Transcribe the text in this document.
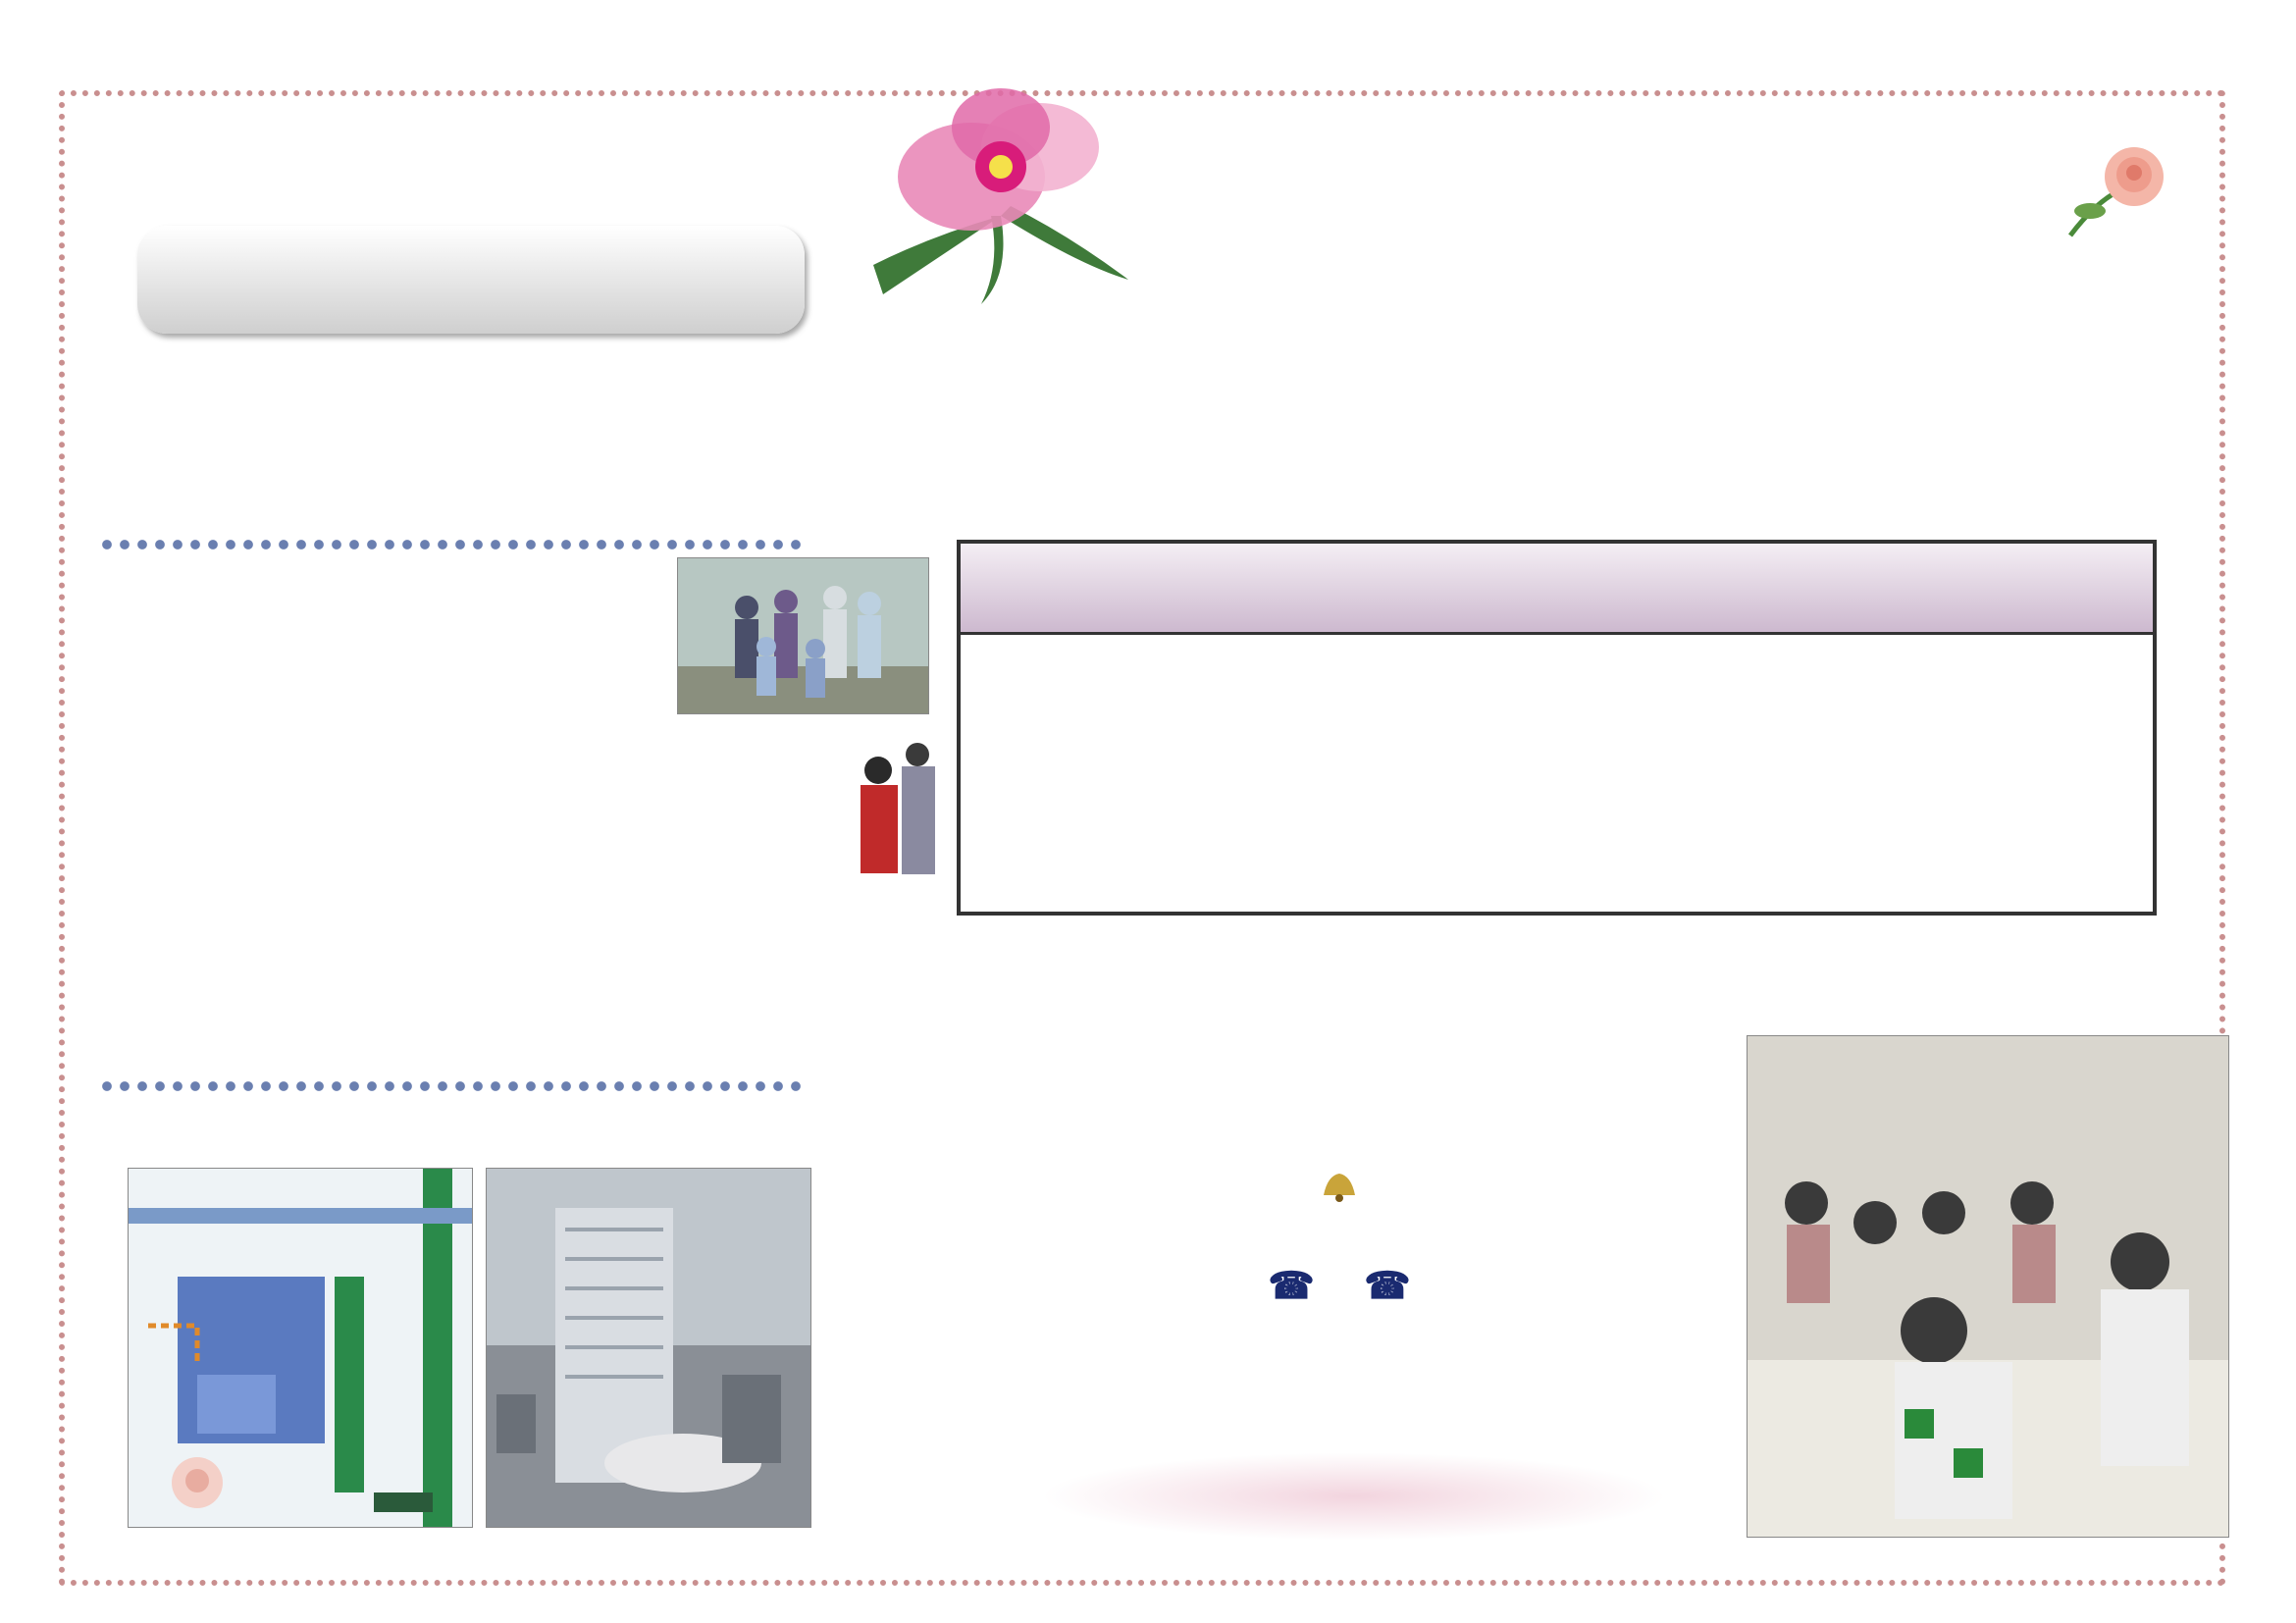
☎ ☎
